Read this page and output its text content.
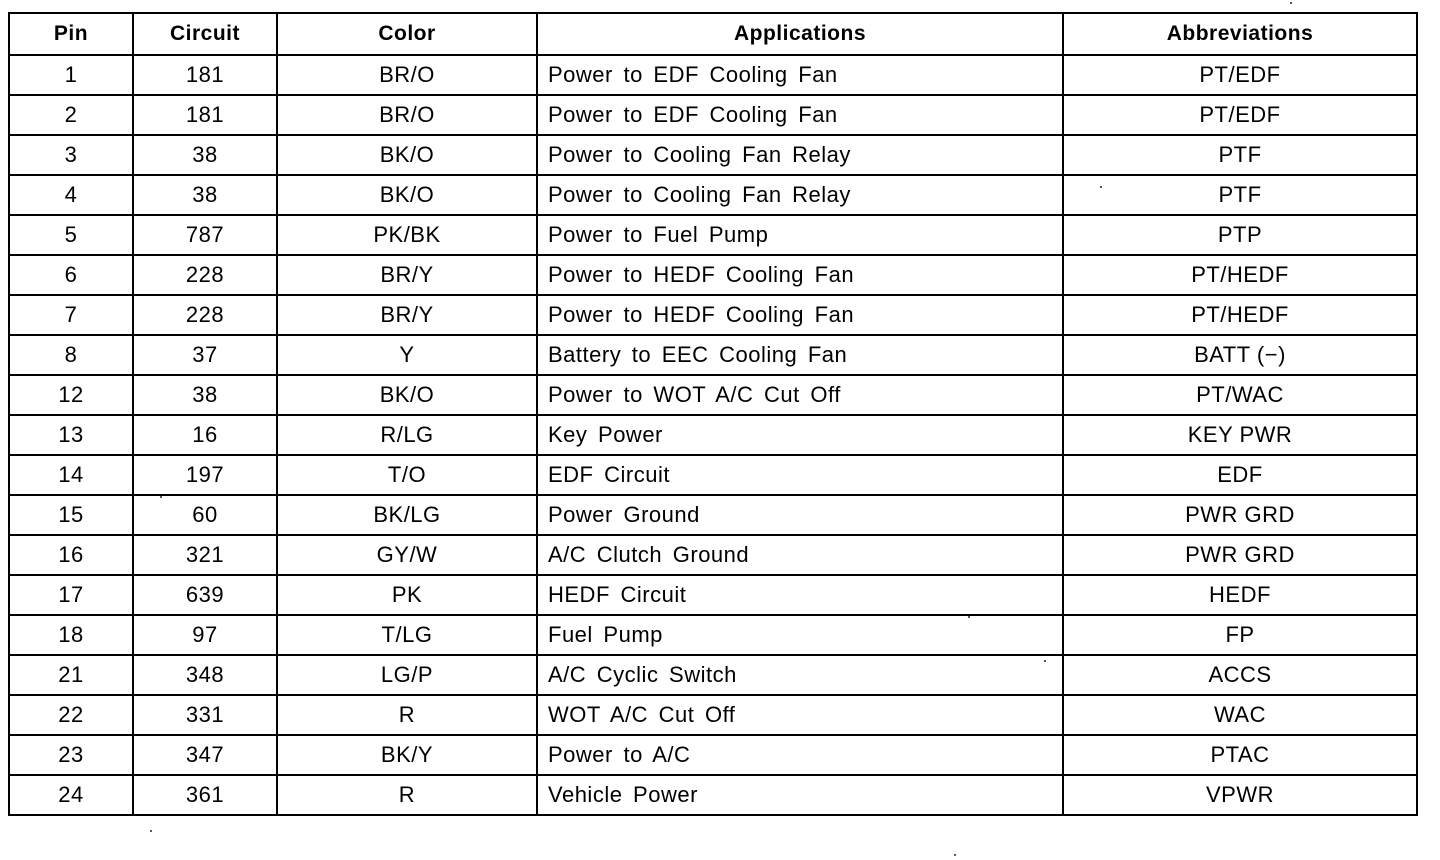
Pin	Circuit	Color	Applications	Abbreviations
1	181	BR/O	Power to EDF Cooling Fan	PT/EDF
2	181	BR/O	Power to EDF Cooling Fan	PT/EDF
3	38	BK/O	Power to Cooling Fan Relay	PTF
4	38	BK/O	Power to Cooling Fan Relay	PTF
5	787	PK/BK	Power to Fuel Pump	PTP
6	228	BR/Y	Power to HEDF Cooling Fan	PT/HEDF
7	228	BR/Y	Power to HEDF Cooling Fan	PT/HEDF
8	37	Y	Battery to EEC Cooling Fan	BATT (−)
12	38	BK/O	Power to WOT A/C Cut Off	PT/WAC
13	16	R/LG	Key Power	KEY PWR
14	197	T/O	EDF Circuit	EDF
15	60	BK/LG	Power Ground	PWR GRD
16	321	GY/W	A/C Clutch Ground	PWR GRD
17	639	PK	HEDF Circuit	HEDF
18	97	T/LG	Fuel Pump	FP
21	348	LG/P	A/C Cyclic Switch	ACCS
22	331	R	WOT A/C Cut Off	WAC
23	347	BK/Y	Power to A/C	PTAC
24	361	R	Vehicle Power	VPWR
